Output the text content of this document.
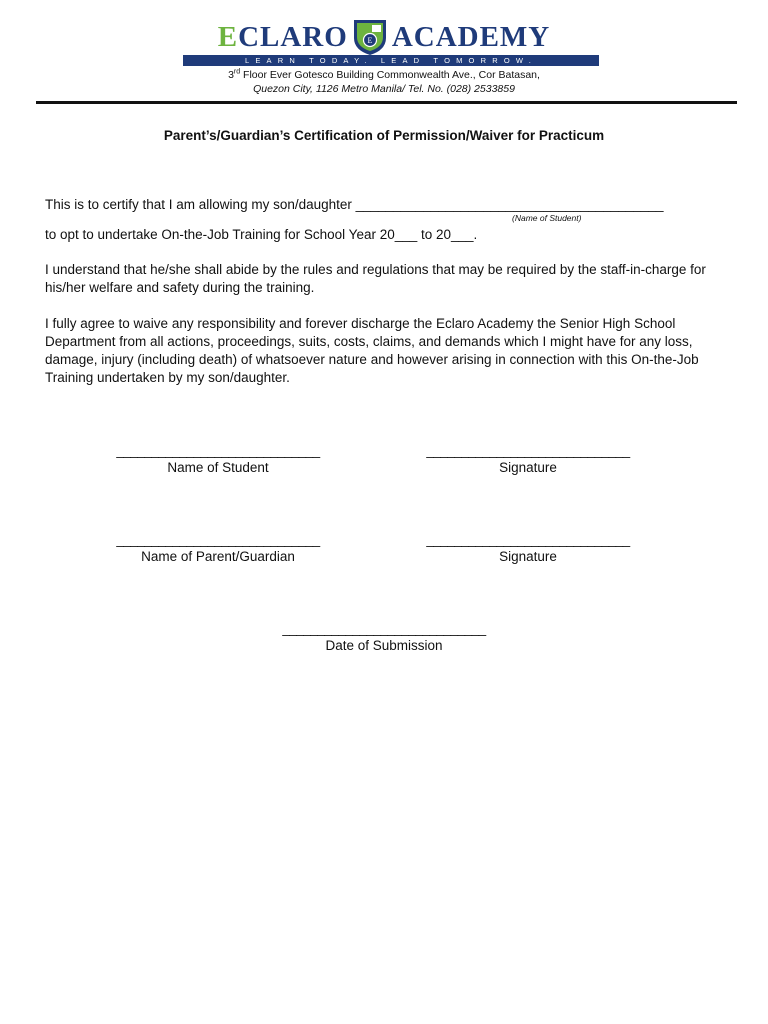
ECLARO E ACADEMY
LEARN TODAY. LEAD TOMORROW.
3rd Floor Ever Gotesco Building Commonwealth Ave., Cor Batasan,
Quezon City, 1126 Metro Manila/ Tel. No. (028) 2533859
Parent’s/Guardian’s Certification of Permission/Waiver for Practicum
This is to certify that I am allowing my son/daughter _________________________________________
(Name of Student)
to opt to undertake On-the-Job Training for School Year 20___ to 20___.
I understand that he/she shall abide by the rules and regulations that may be required by the staff-in-charge for his/her welfare and safety during the training.
I fully agree to waive any responsibility and forever discharge the Eclaro Academy the Senior High School Department from all actions, proceedings, suits, costs, claims, and demands which I might have for any loss, damage, injury (including death) of whatsoever nature and however arising in connection with this On-the-Job Training undertaken by my son/daughter.
_____________________________
Name of Student
_____________________________
Signature
_____________________________
Name of Parent/Guardian
_____________________________
Signature
_____________________________
Date of Submission
